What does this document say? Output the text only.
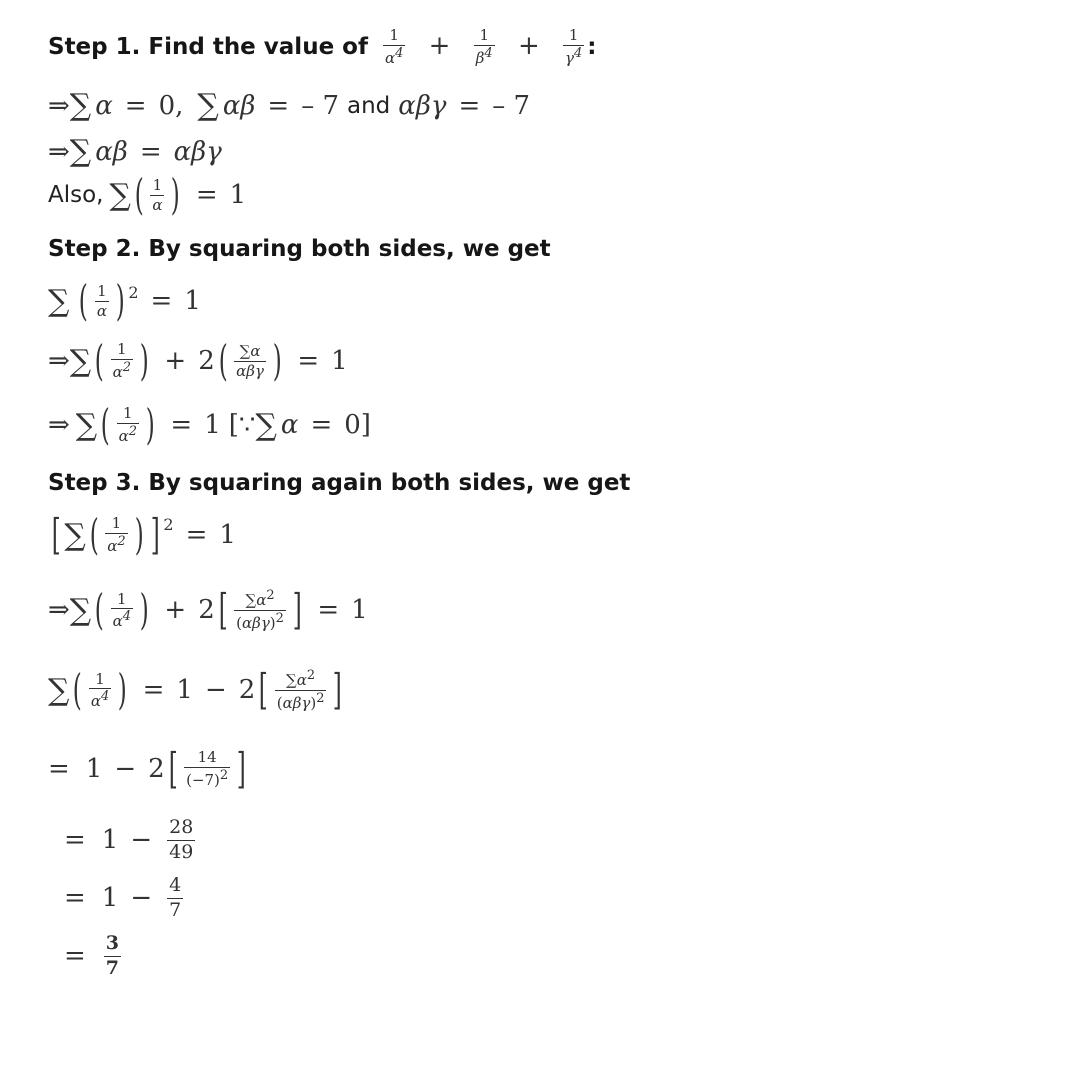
Step 1. Find the value of $\frac{1}{\alpha 4} + \frac{1}{\beta 4} + \frac{1}{\gamma 4}$ :
⇒ ∑ α = 0 , ∑ αβ = – 7 and αβγ = – 7
⇒ ∑ αβ = αβγ
Also, ∑ ( $\frac{1}{\alpha}$ ) = 1
Step 2. By squaring both sides, we get
∑ ( $\frac{1}{\alpha}$ ) 2 = 1
⇒ ∑ ( $\frac{1}{\alpha 2}$ ) + 2 ( $\frac{\sum\alpha}{\text{αβγ}}$ ) = 1
⇒ ∑ ( $\frac{1}{\alpha 2}$ ) = 1 [∵ ∑ α = 0 ]
Step 3. By squaring again both sides, we get
[ ∑ ( $\frac{1}{\alpha 2}$ ) ] 2 = 1
⇒ ∑ ( $\frac{1}{\alpha 4}$ ) + 2 [ $\frac{\sum\alpha 2}{\text{(αβγ)2}}$ ] = 1
∑ ( $\frac{1}{\alpha 4}$ ) = 1 − 2 [ $\frac{\sum\alpha 2}{\text{(αβγ)2}}$ ]
= 1 − 2 [ $\frac{14}{(-7)2}$ ]
= $1 - \frac{28}{49}$
= $1 - \frac{4}{7}$
= $\frac{3}{7}$
